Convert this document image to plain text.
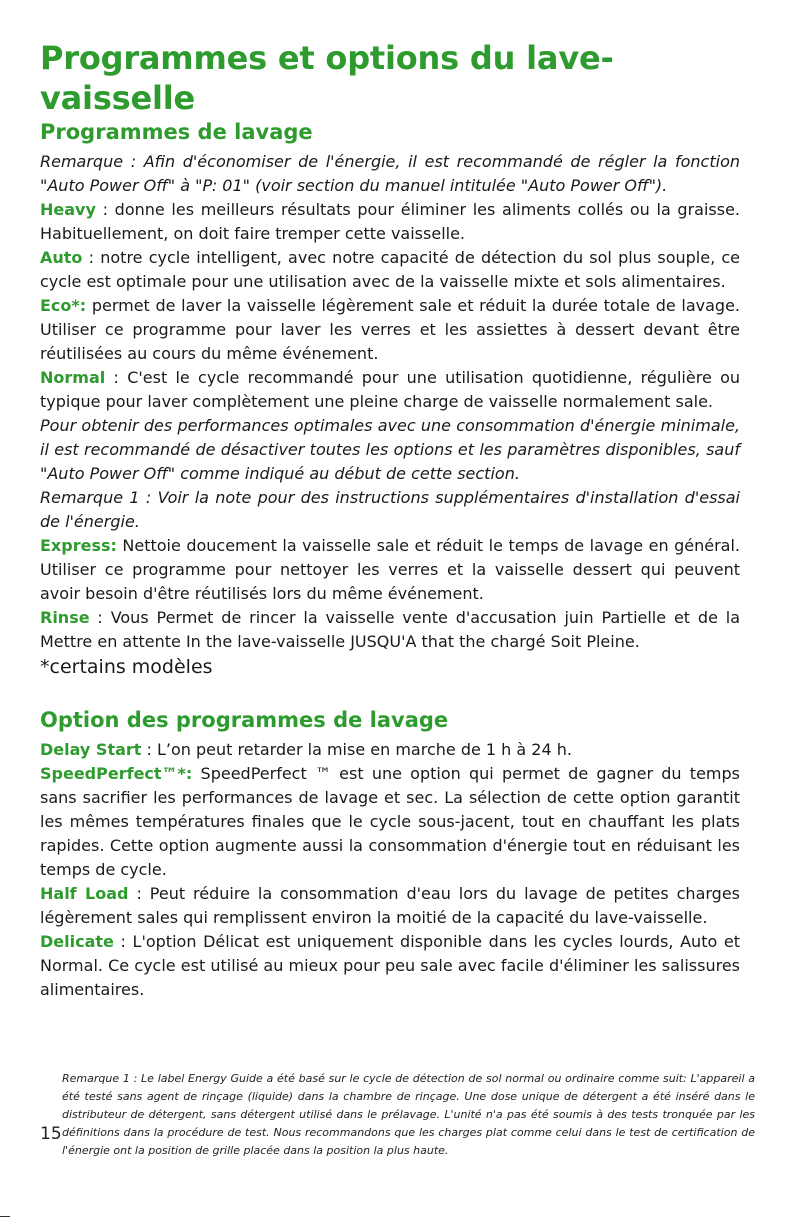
Programmes et options du lave-vaisselle
Programmes de lavage

Remarque : Afin d'économiser de l'énergie, il est recommandé de régler la fonction "Auto Power Off" à "P: 01" (voir section du manuel intitulée "Auto Power Off").

Heavy : donne les meilleurs résultats pour éliminer les aliments collés ou la graisse. Habituellement, on doit faire tremper cette vaisselle.

Auto : notre cycle intelligent, avec notre capacité de détection du sol plus souple, ce cycle est optimale pour une utilisation avec de la vaisselle mixte et sols alimentaires.

Eco*: permet de laver la vaisselle légèrement sale et réduit la durée totale de lavage. Utiliser ce programme pour laver les verres et les assiettes à dessert devant être réutilisées au cours du même événement.

Normal : C'est le cycle recommandé pour une utilisation quotidienne, régulière ou typique pour laver complètement une pleine charge de vaisselle normalement sale.

Pour obtenir des performances optimales avec une consommation d'énergie minimale, il est recommandé de désactiver toutes les options et les paramètres disponibles, sauf "Auto Power Off" comme indiqué au début de cette section.

Remarque 1 : Voir la note pour des instructions supplémentaires d'installation d'essai de l'énergie.

Express: Nettoie doucement la vaisselle sale et réduit le temps de lavage en général. Utiliser ce programme pour nettoyer les verres et la vaisselle dessert qui peuvent avoir besoin d'être réutilisés lors du même événement.

Rinse : Vous Permet de rincer la vaisselle vente d'accusation juin Partielle et de la Mettre en attente In the lave-vaisselle JUSQU'A that the chargé Soit Pleine.

*certains modèles

Option des programmes de lavage

Delay Start : L’on peut retarder la mise en marche de 1 h à 24 h.

SpeedPerfect™*: SpeedPerfect ™ est une option qui permet de gagner du temps sans sacrifier les performances de lavage et sec. La sélection de cette option garantit les mêmes températures finales que le cycle sous-jacent, tout en chauffant les plats rapides. Cette option augmente aussi la consommation d'énergie tout en réduisant les temps de cycle.

Half Load : Peut réduire la consommation d'eau lors du lavage de petites charges légèrement sales qui remplissent environ la moitié de la capacité du lave-vaisselle.

Delicate : L'option Délicat est uniquement disponible dans les cycles lourds, Auto et Normal. Ce cycle est utilisé au mieux pour peu sale avec facile d'éliminer les salissures alimentaires.

15

Remarque 1 : Le label Energy Guide a été basé sur le cycle de détection de sol normal ou ordinaire comme suit: L'appareil a été testé sans agent de rinçage (liquide) dans la chambre de rinçage. Une dose unique de détergent a été inséré dans le distributeur de détergent, sans détergent utilisé dans le prélavage. L'unité n'a pas été soumis à des tests tronquée par les définitions dans la procédure de test. Nous recommandons que les charges plat comme celui dans le test de certification de l'énergie ont la position de grille placée dans la position la plus haute.
